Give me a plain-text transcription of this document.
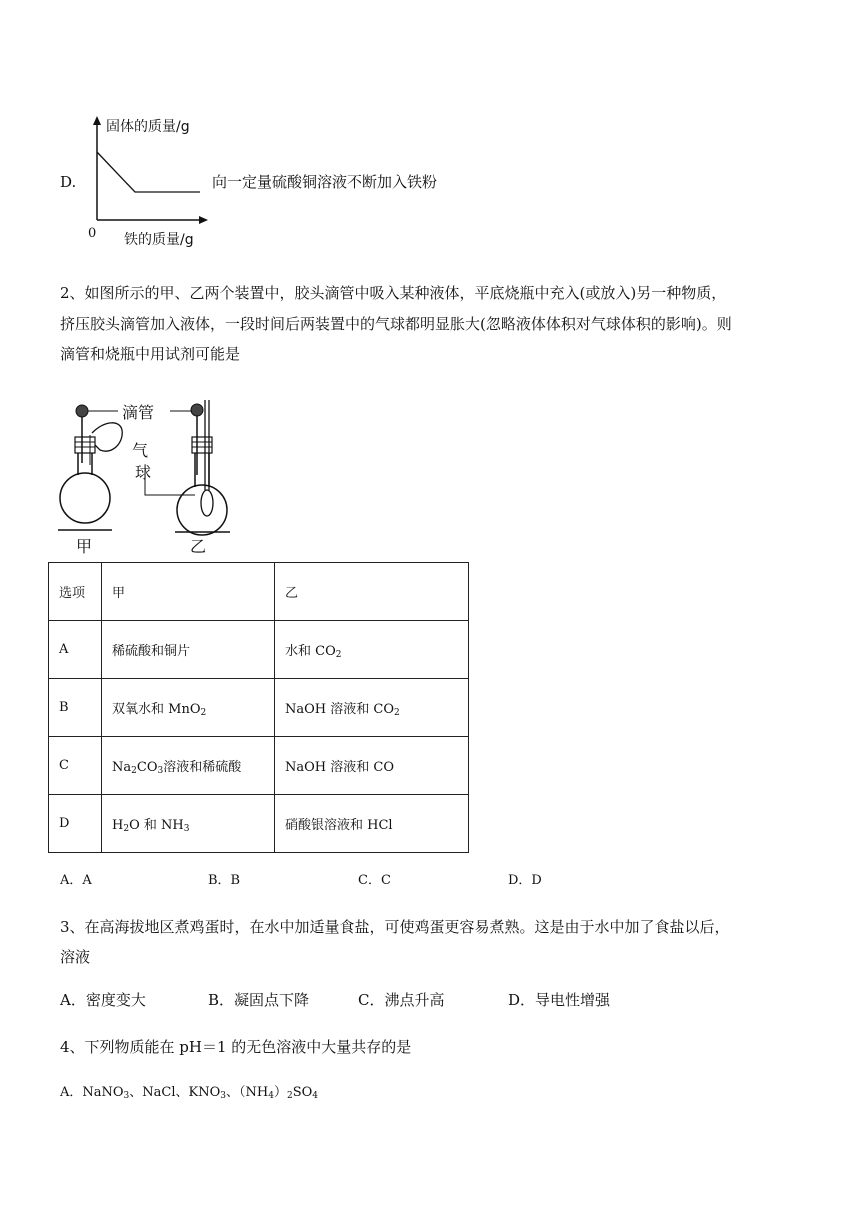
D.
固体的质量/g
0 铁的质量/g
向一定量硫酸铜溶液不断加入铁粉
2、如图所示的甲、乙两个装置中，胶头滴管中吸入某种液体，平底烧瓶中充入(或放入)另一种物质，
挤压胶头滴管加入液体，一段时间后两装置中的气球都明显胀大(忽略液体体积对气球体积的影响)。则
滴管和烧瓶中用试剂可能是
滴管
气
球
甲	乙
选项	甲	乙
A	稀硫酸和铜片	水和 $CO_2$
B	双氧水和 MnO$_2$	NaOH 溶液和 $CO_2$
C	$Na_2CO_3$溶液和稀硫酸	NaOH 溶液和 CO
D	$H_2O$ 和 $NH_3$	硝酸银溶液和 HCl
A．A	B．B	C．C	D．D
3、在高海拔地区煮鸡蛋时，在水中加适量食盐，可使鸡蛋更容易煮熟。这是由于水中加了食盐以后，
溶液
A．密度变大	B．凝固点下降	C．沸点升高	D．导电性增强
4、下列物质能在 pH＝1 的无色溶液中大量共存的是
A．NaNO$_3$、NaCl、$KNO_3$、$(NH_4)_2SO_4$
